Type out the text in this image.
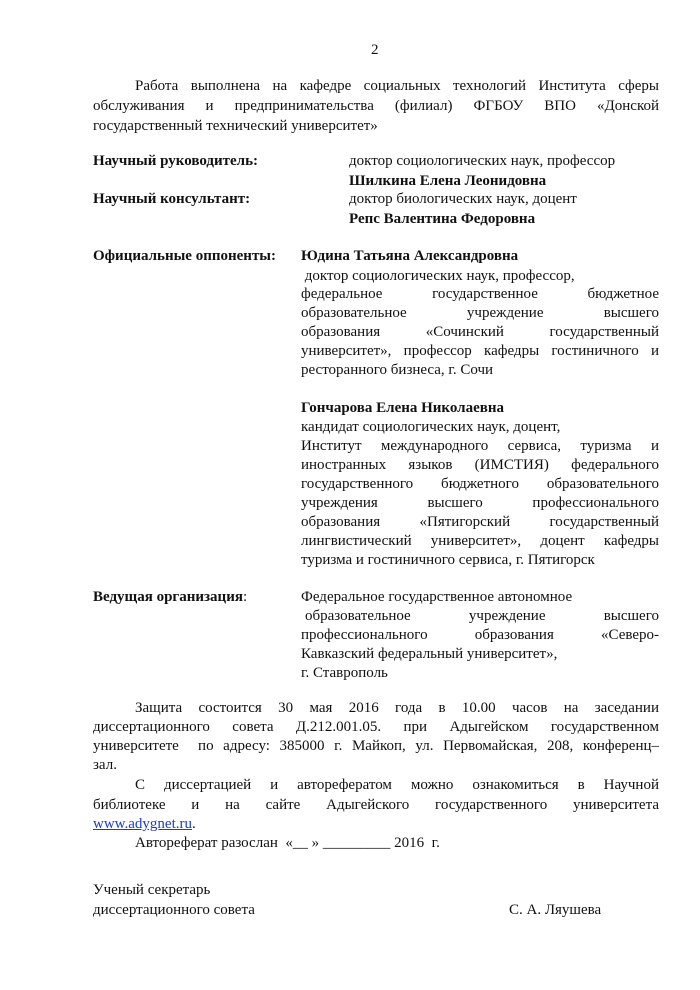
2
Работа выполнена на кафедре социальных технологий Института сферы
обслуживания и предпринимательства (филиал) ФГБОУ ВПО «Донской
государственный технический университет»
Научный руководитель:	доктор социологических наук, профессор
Шилкина Елена Леонидовна
Научный консультант:	доктор биологических наук, доцент
Репс Валентина Федоровна
Официальные оппоненты: Юдина Татьяна Александровна
доктор социологических наук, профессор,
федеральное государственное бюджетное
образовательное учреждение высшего
образования «Сочинский государственный
университет», профессор кафедры гостиничного и
ресторанного бизнеса, г. Сочи
Гончарова Елена Николаевна
кандидат социологических наук, доцент,
Институт международного сервиса, туризма и
иностранных языков (ИМСТИЯ) федерального
государственного бюджетного образовательного
учреждения высшего профессионального
образования «Пятигорский государственный
лингвистический университет», доцент кафедры
туризма и гостиничного сервиса, г. Пятигорск
Ведущая организация:	Федеральное государственное автономное
образовательное учреждение высшего
профессионального образования «Северо-
Кавказский федеральный университет»,
г. Ставрополь
Защита состоится 30 мая 2016 года в 10.00 часов на заседании
диссертационного совета Д.212.001.05. при Адыгейском государственном
университете  по адресу: 385000 г. Майкоп, ул. Первомайская, 208, конференц–
зал.
С диссертацией и авторефератом можно ознакомиться в Научной
библиотеке и на сайте Адыгейского государственного университета
www.adygnet.ru.
Автореферат разослан  «__ » _________ 2016  г.
Ученый секретарь
диссертационного совета	С. А. Ляушева
